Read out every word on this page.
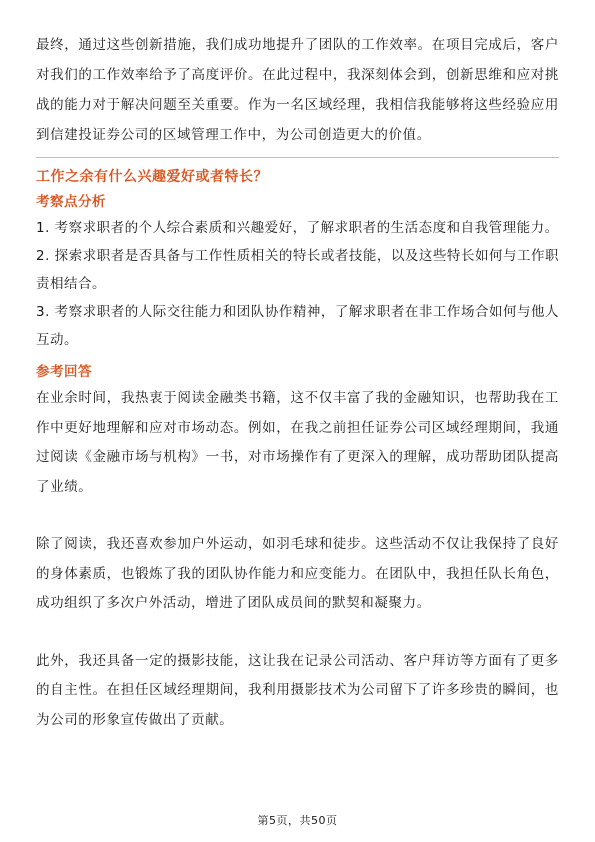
最终，通过这些创新措施，我们成功地提升了团队的工作效率。在项目完成后，客户对我们的工作效率给予了高度评价。在此过程中，我深刻体会到，创新思维和应对挑战的能力对于解决问题至关重要。作为一名区域经理，我相信我能够将这些经验应用到信建投证券公司的区域管理工作中，为公司创造更大的价值。

工作之余有什么兴趣爱好或者特长？

考察点分析

1. 考察求职者的个人综合素质和兴趣爱好，了解求职者的生活态度和自我管理能力。

2. 探索求职者是否具备与工作性质相关的特长或者技能，以及这些特长如何与工作职责相结合。

3. 考察求职者的人际交往能力和团队协作精神，了解求职者在非工作场合如何与他人互动。

参考回答

在业余时间，我热衷于阅读金融类书籍，这不仅丰富了我的金融知识，也帮助我在工作中更好地理解和应对市场动态。例如，在我之前担任证券公司区域经理期间，我通过阅读《金融市场与机构》一书，对市场操作有了更深入的理解，成功帮助团队提高了业绩。

除了阅读，我还喜欢参加户外运动，如羽毛球和徒步。这些活动不仅让我保持了良好的身体素质，也锻炼了我的团队协作能力和应变能力。在团队中，我担任队长角色，成功组织了多次户外活动，增进了团队成员间的默契和凝聚力。

此外，我还具备一定的摄影技能，这让我在记录公司活动、客户拜访等方面有了更多的自主性。在担任区域经理期间，我利用摄影技术为公司留下了许多珍贵的瞬间，也为公司的形象宣传做出了贡献。

第5页，共50页
